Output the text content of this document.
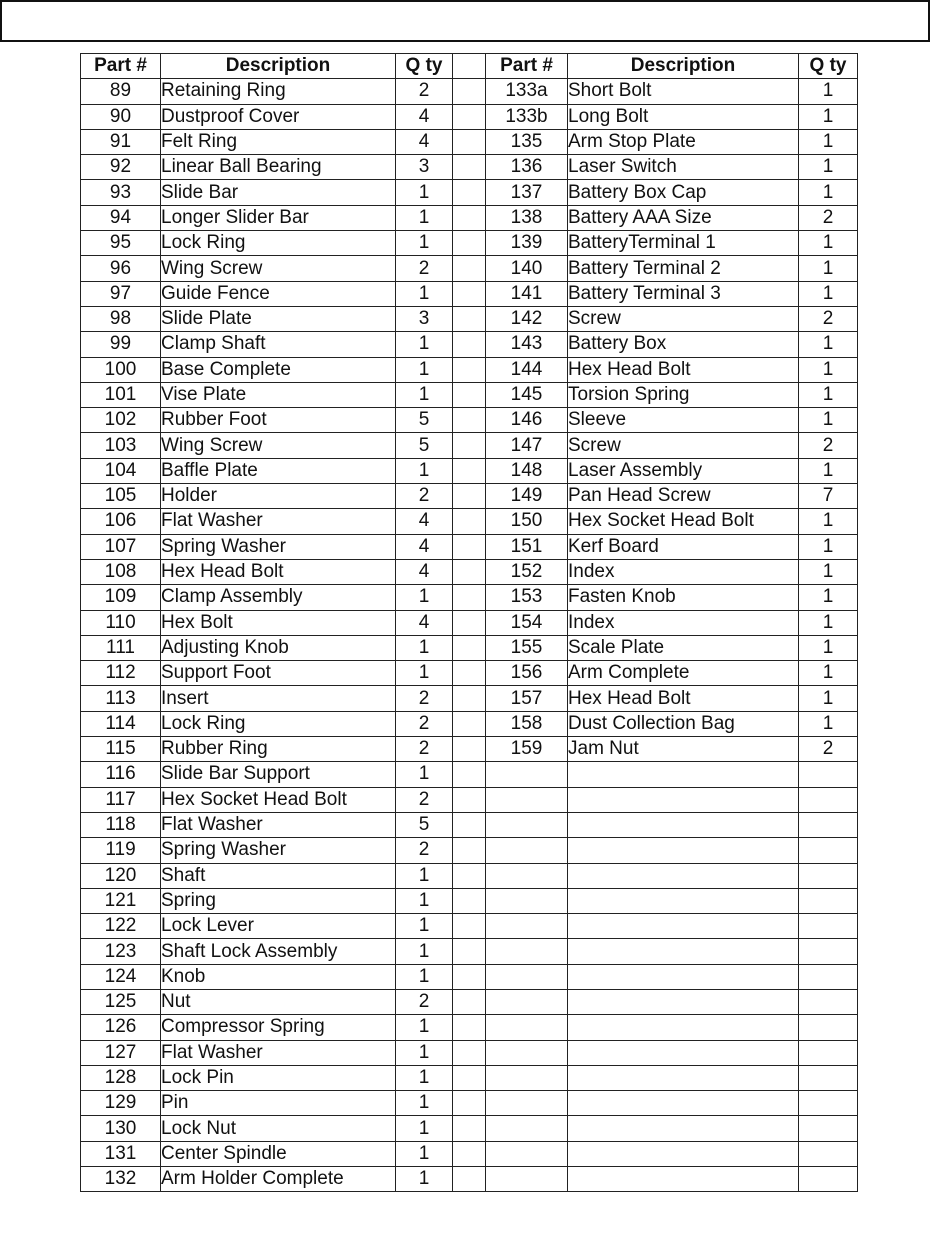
Part #	Description	Q ty		Part #	Description	Q ty
89	Retaining Ring	2		133a	Short Bolt	1
90	Dustproof Cover	4		133b	Long Bolt	1
91	Felt Ring	4		135	Arm Stop Plate	1
92	Linear Ball Bearing	3		136	Laser Switch	1
93	Slide Bar	1		137	Battery Box Cap	1
94	Longer Slider Bar	1		138	Battery AAA Size	2
95	Lock Ring	1		139	BatteryTerminal 1	1
96	Wing Screw	2		140	Battery Terminal 2	1
97	Guide Fence	1		141	Battery Terminal 3	1
98	Slide Plate	3		142	Screw	2
99	Clamp Shaft	1		143	Battery Box	1
100	Base Complete	1		144	Hex Head Bolt	1
101	Vise Plate	1		145	Torsion Spring	1
102	Rubber Foot	5		146	Sleeve	1
103	Wing Screw	5		147	Screw	2
104	Baffle Plate	1		148	Laser Assembly	1
105	Holder	2		149	Pan Head Screw	7
106	Flat Washer	4		150	Hex Socket Head Bolt	1
107	Spring Washer	4		151	Kerf Board	1
108	Hex Head Bolt	4		152	Index	1
109	Clamp Assembly	1		153	Fasten Knob	1
110	Hex Bolt	4		154	Index	1
111	Adjusting Knob	1		155	Scale Plate	1
112	Support Foot	1		156	Arm Complete	1
113	Insert	2		157	Hex Head Bolt	1
114	Lock Ring	2		158	Dust Collection Bag	1
115	Rubber Ring	2		159	Jam Nut	2
116	Slide Bar Support	1				
117	Hex Socket Head Bolt	2				
118	Flat Washer	5				
119	Spring Washer	2				
120	Shaft	1				
121	Spring	1				
122	Lock Lever	1				
123	Shaft Lock Assembly	1				
124	Knob	1				
125	Nut	2				
126	Compressor Spring	1				
127	Flat Washer	1				
128	Lock Pin	1				
129	Pin	1				
130	Lock Nut	1				
131	Center Spindle	1				
132	Arm Holder Complete	1				
